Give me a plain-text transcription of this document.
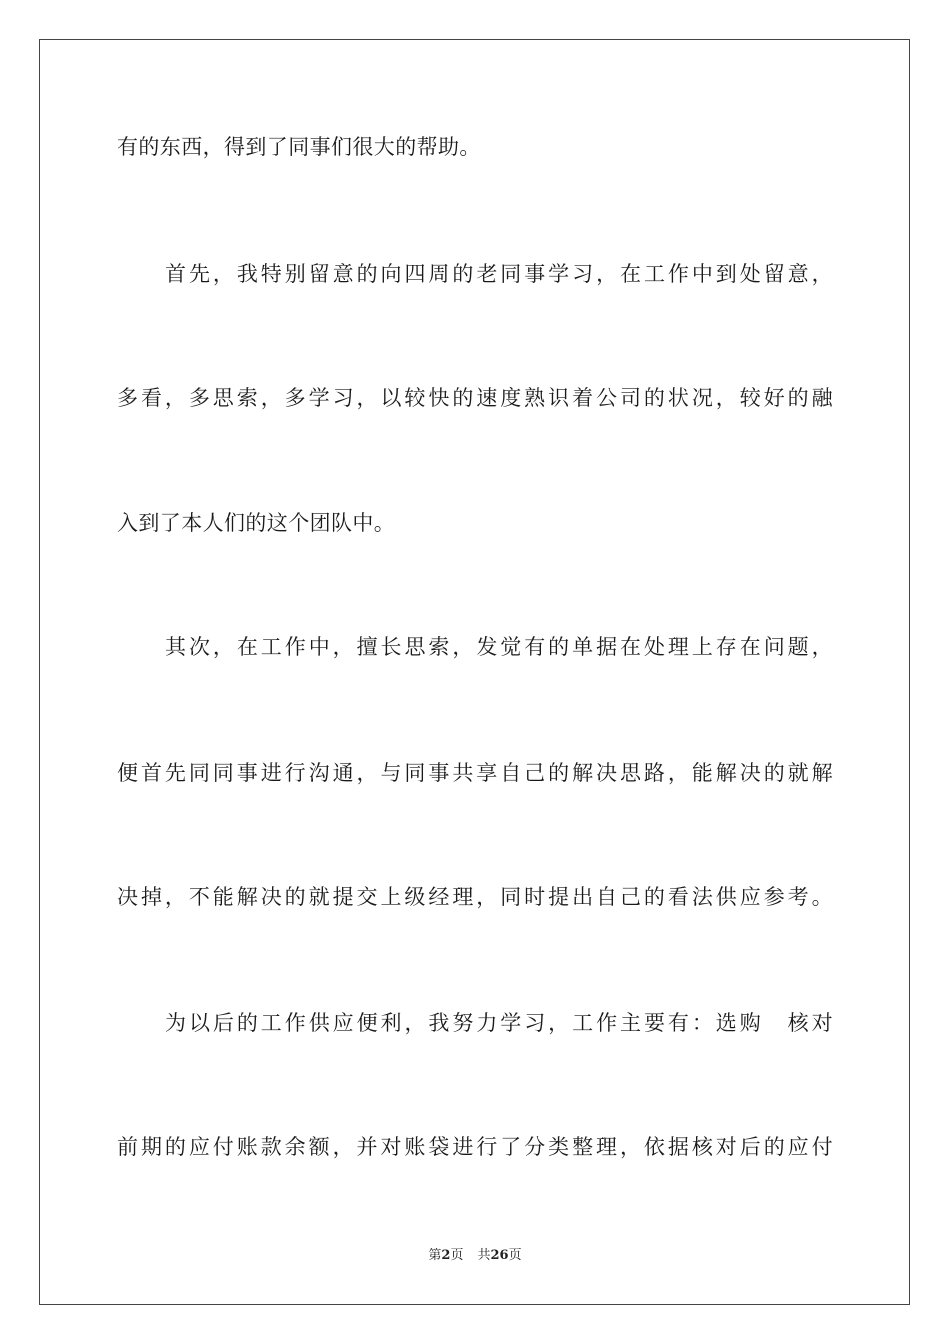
有的东西，得到了同事们很大的帮助。
首先，我特别留意的向四周的老同事学习，在工作中到处留意，
多看，多思索，多学习，以较快的速度熟识着公司的状况，较好的融
入到了本人们的这个团队中。
其次，在工作中，擅长思索，发觉有的单据在处理上存在问题，
便首先同同事进行沟通，与同事共享自己的解决思路，能解决的就解
决掉，不能解决的就提交上级经理，同时提出自己的看法供应参考。
为以后的工作供应便利，我努力学习，工作主要有：选购　核对
前期的应付账款余额，并对账袋进行了分类整理，依据核对后的应付
第2页 共26页
